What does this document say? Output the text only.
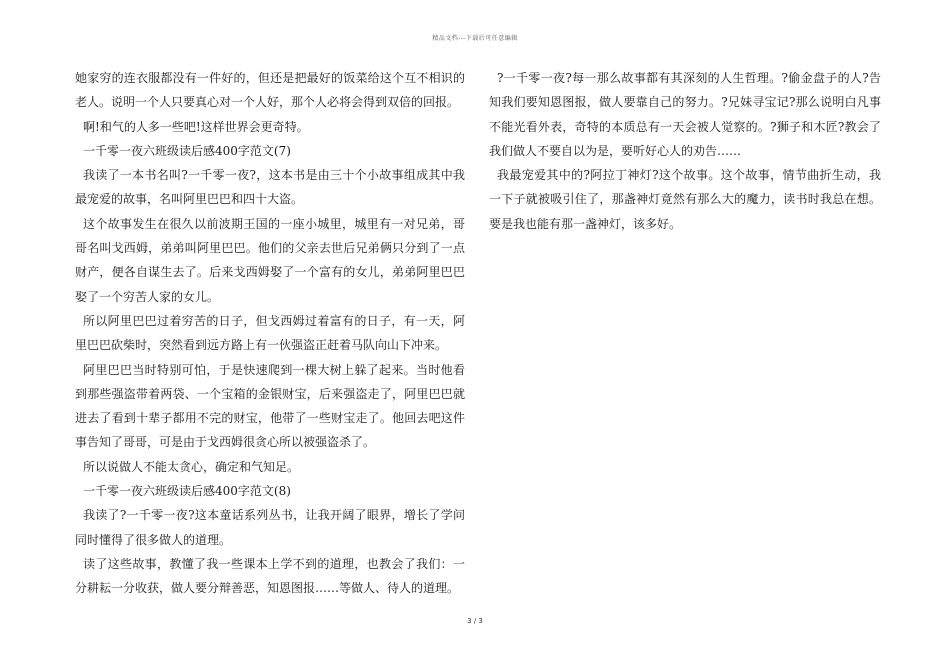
精品文档---下载后可任意编辑

她家穷的连衣服都没有一件好的，但还是把最好的饭菜给这个互不相识的老人。说明一个人只要真心对一个人好，那个人必将会得到双倍的回报。

啊!和气的人多一些吧!这样世界会更奇特。

一千零一夜六班级读后感400字范文(7)

我读了一本书名叫?一千零一夜?，这本书是由三十个小故事组成其中我最宠爱的故事，名叫阿里巴巴和四十大盗。

这个故事发生在很久以前波期王国的一座小城里，城里有一对兄弟，哥哥名叫戈西姆，弟弟叫阿里巴巴。他们的父亲去世后兄弟俩只分到了一点财产，便各自谋生去了。后来戈西姆娶了一个富有的女儿，弟弟阿里巴巴娶了一个穷苦人家的女儿。

所以阿里巴巴过着穷苦的日子，但戈西姆过着富有的日子，有一天，阿里巴巴砍柴时，突然看到远方路上有一伙强盗正赶着马队向山下冲来。

阿里巴巴当时特别可怕，于是快速爬到一棵大树上躲了起来。当时他看到那些强盗带着两袋、一个宝箱的金银财宝，后来强盗走了，阿里巴巴就进去了看到十辈子都用不完的财宝，他带了一些财宝走了。他回去吧这件事告知了哥哥，可是由于戈西姆很贪心所以被强盗杀了。

所以说做人不能太贪心，确定和气知足。

一千零一夜六班级读后感400字范文(8)

我读了?一千零一夜?这本童话系列丛书，让我开阔了眼界，增长了学问同时懂得了很多做人的道理。

读了这些故事，教懂了我一些课本上学不到的道理，也教会了我们：一分耕耘一分收获，做人要分辩善恶，知恩图报……等做人、待人的道理。

?一千零一夜?每一那么故事都有其深刻的人生哲理。?偷金盘子的人?告知我们要知恩图报，做人要靠自己的努力。?兄妹寻宝记?那么说明白凡事不能光看外表，奇特的本质总有一天会被人觉察的。?狮子和木匠?教会了我们做人不要自以为是，要听好心人的劝告……

我最宠爱其中的?阿拉丁神灯?这个故事。这个故事，情节曲折生动，我一下子就被吸引住了，那盏神灯竟然有那么大的魔力，读书时我总在想。要是我也能有那一盏神灯，该多好。

3 / 3
